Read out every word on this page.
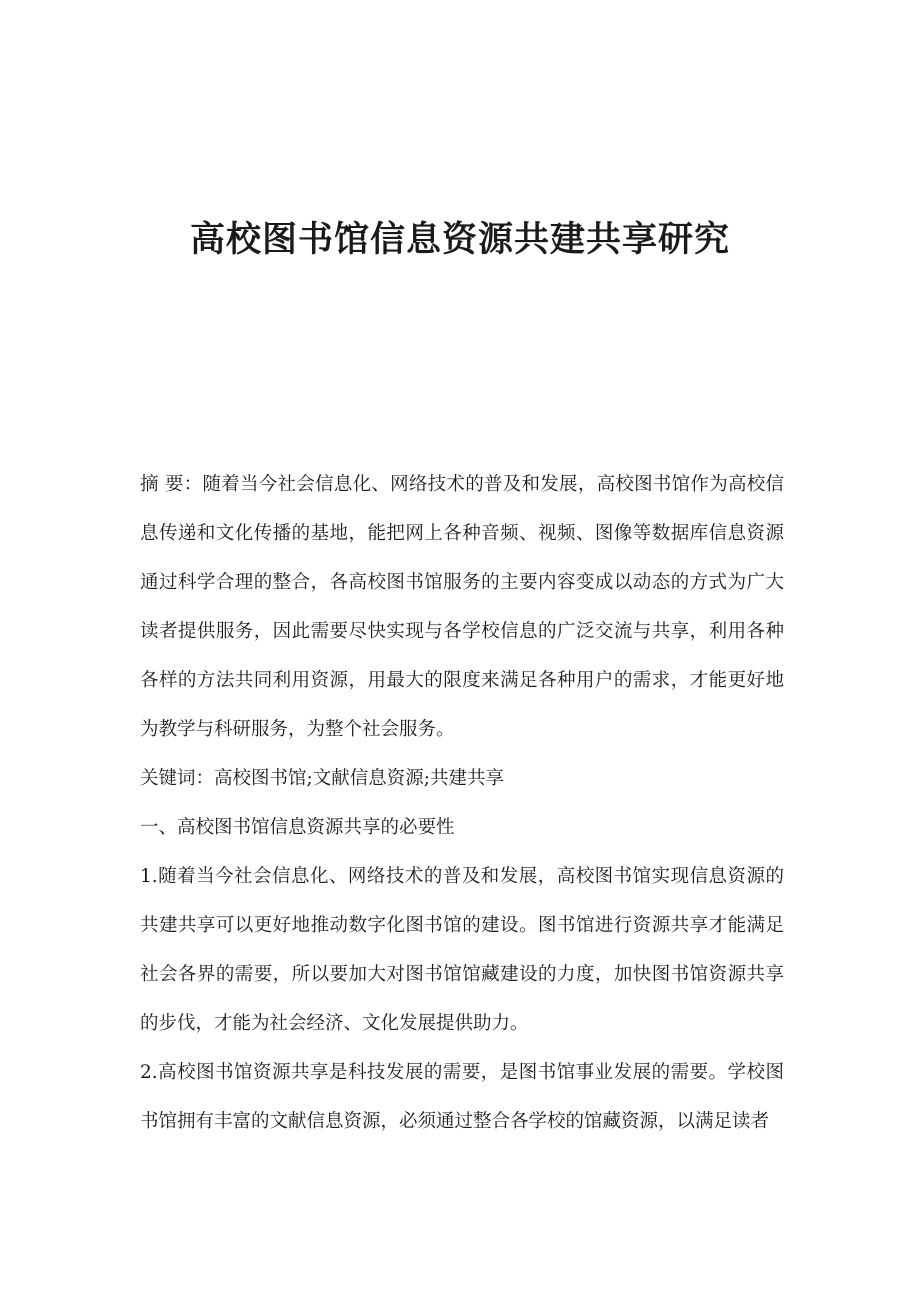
高校图书馆信息资源共建共享研究

摘 要：随着当今社会信息化、网络技术的普及和发展，高校图书馆作为高校信息传递和文化传播的基地，能把网上各种音频、视频、图像等数据库信息资源通过科学合理的整合，各高校图书馆服务的主要内容变成以动态的方式为广大读者提供服务，因此需要尽快实现与各学校信息的广泛交流与共享，利用各种各样的方法共同利用资源，用最大的限度来满足各种用户的需求，才能更好地为教学与科研服务，为整个社会服务。

关键词：高校图书馆;文献信息资源;共建共享

一、高校图书馆信息资源共享的必要性

1.随着当今社会信息化、网络技术的普及和发展，高校图书馆实现信息资源的共建共享可以更好地推动数字化图书馆的建设。图书馆进行资源共享才能满足社会各界的需要，所以要加大对图书馆馆藏建设的力度，加快图书馆资源共享的步伐，才能为社会经济、文化发展提供助力。

2.高校图书馆资源共享是科技发展的需要，是图书馆事业发展的需要。学校图书馆拥有丰富的文献信息资源，必须通过整合各学校的馆藏资源，以满足读者
